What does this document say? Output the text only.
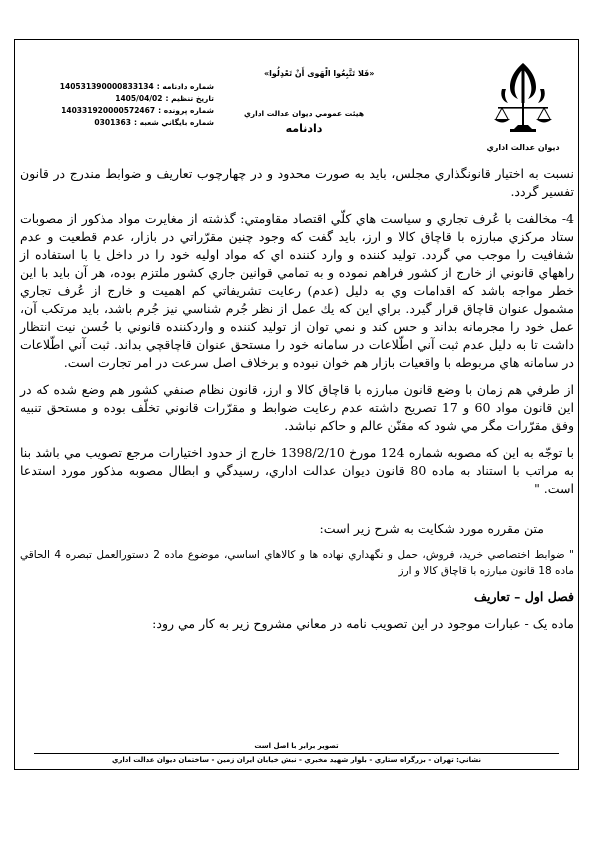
ديوان عدالت اداري
«فَلا تَتَّبِعُوا الْهَوى أَنْ تَعْدِلُوا»
هيئت عمومي ديوان عدالت اداري
دادنامه
140531390000833134 شماره دادنامه :
1405/04/02 تاريخ تنظيم :
140331920000572467 شماره پرونده :
0301363 شماره بايگاني شعبه :

نسبت به اختيار قانونگذاري مجلس، بايد به صورت محدود و در چهارچوب تعاريف و ضوابط مندرج در قانون تفسير گردد.

4- مخالفت با عُرف تجاري و سياست هاي كلّي اقتصاد مقاومتي: گذشته از مغايرت مواد مذكور از مصوبات ستاد مركزي مبارزه با قاچاق كالا و ارز، بايد گفت كه وجود چنين مقرّراتي در بازار، عدم قطعيت و عدم شفافيت را موجب مي گردد. توليد كننده و وارد كننده اي كه مواد اوليه خود را در داخل يا با استفاده از راههاي قانوني از خارج از كشور فراهم نموده و به تمامي قوانين جاري كشور ملتزم بوده، هر آن بايد با اين خطر مواجه باشد كه اقدامات وي به دليل (عدم) رعايت تشريفاتي كم اهميت و خارج از عُرف تجاري مشمول عنوان قاچاق قرار گيرد. براي اين كه يك عمل از نظر جُرم شناسي نيز جُرم باشد، بايد مرتكب آن، عمل خود را مجرمانه بداند و حس كند و نمي توان از توليد كننده و واردكننده قانوني با حُسن نيت انتظار داشت تا به دليل عدم ثبت آني اطّلاعات در سامانه خود را مستحق عنوان قاچاقچي بداند. ثبت آني اطّلاعات در سامانه هاي مربوطه با واقعيات بازار هم خوان نبوده و برخلاف اصل سرعت در امر تجارت است.

از طرفي هم زمان با وضع قانون مبارزه با قاچاق كالا و ارز، قانون نظام صنفي كشور هم وضع شده كه در اين قانون مواد 60 و 17 تصريح داشته عدم رعايت ضوابط و مقرّرات قانوني تخلّف بوده و مستحق تنبيه وفق مقرّرات مگر مي شود كه مقنّن عالم و حاكم نباشد.

با توجّه به اين كه مصوبه شماره 124 مورخ 1398/2/10 خارج از حدود اختيارات مرجع تصويب مي باشد بنا به مراتب با استناد به ماده 80 قانون ديوان عدالت اداري، رسيدگي و ابطال مصوبه مذكور مورد استدعا است. "

متن مقرره مورد شكايت به شرح زير است:

" ضوابط اختصاصي خريد، فروش، حمل و نگهداري نهاده ها و كالاهاي اساسي، موضوع ماده 2 دستورالعمل تبصره 4 الحاقي ماده 18 قانون مبارزه با قاچاق كالا و ارز

فصل اول – تعاريف

ماده يک - عبارات موجود در اين تصويب نامه در معاني مشروح زير به كار مي رود:

تصوير برابر با اصل است
نشاني: تهران - بزرگراه ستاري - بلوار شهيد مخبري - نبش خيابان ايران زمين - ساختمان ديوان عدالت اداري
